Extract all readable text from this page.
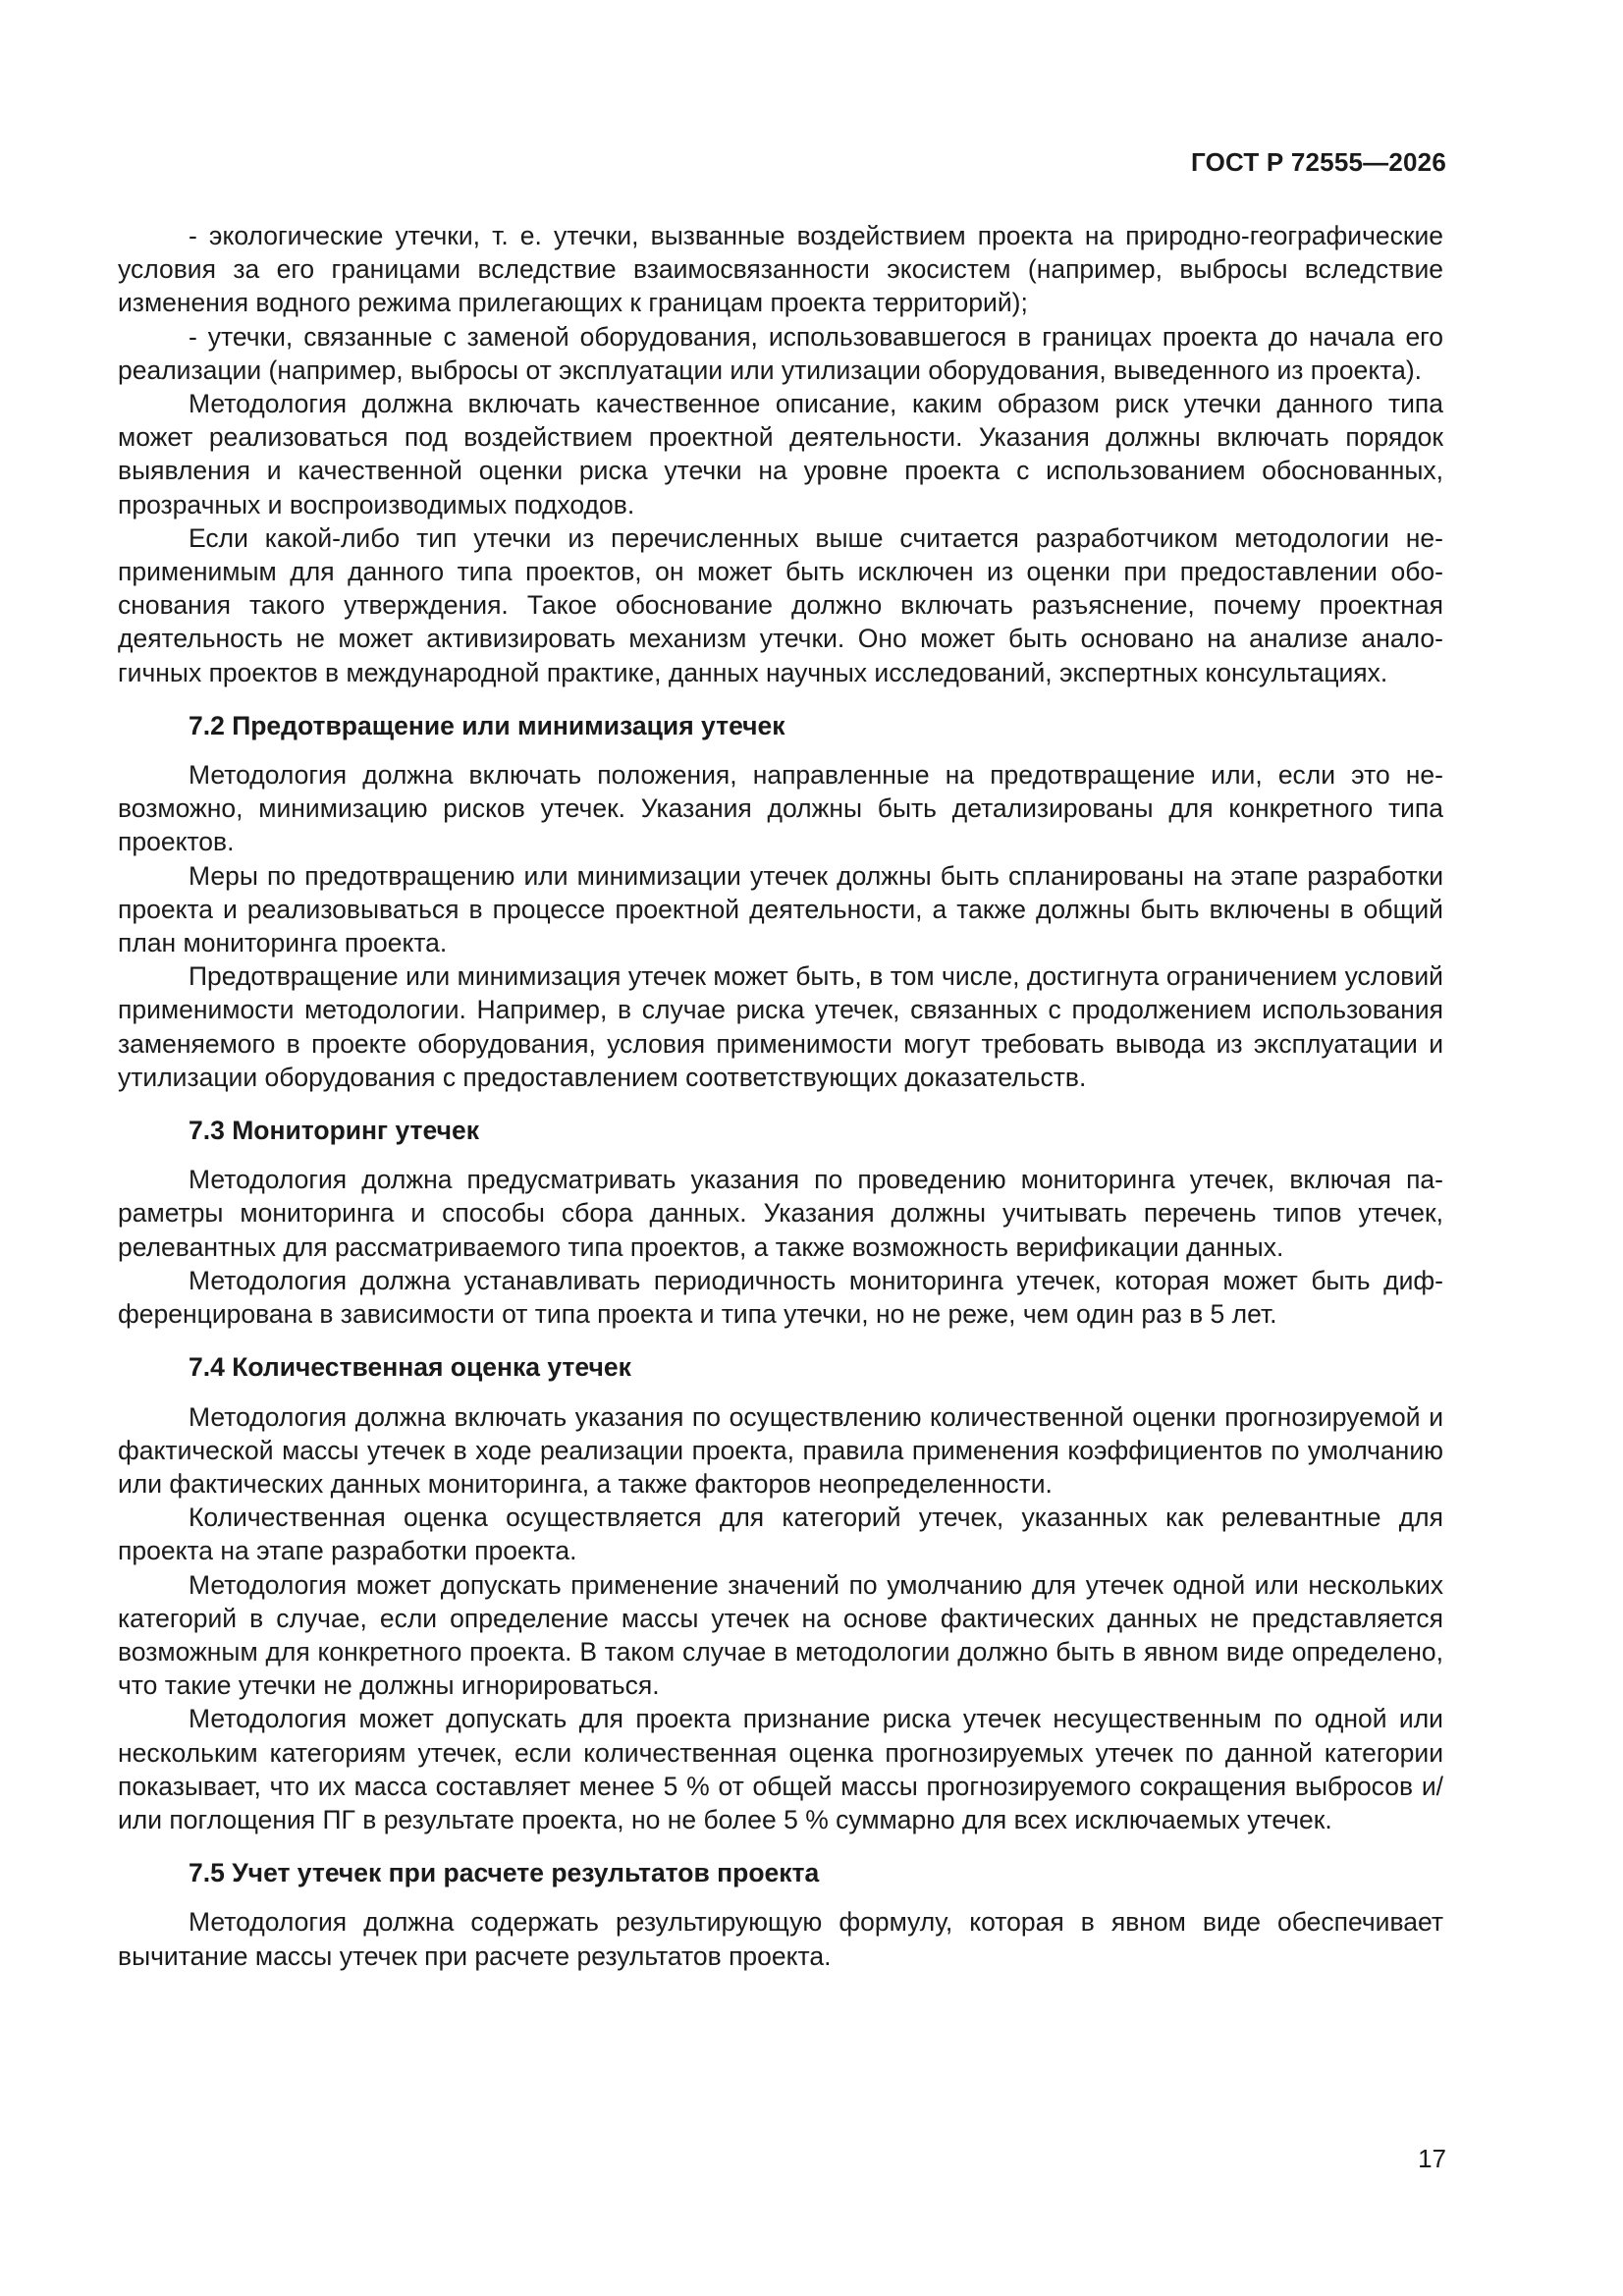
ГОСТ Р 72555—2026

- экологические утечки, т. е. утечки, вызванные воздействием проекта на природно-географические условия за его границами вследствие взаимосвязанности экосистем (например, выбросы вследствие изменения водного режима прилегающих к границам проекта территорий);

- утечки, связанные с заменой оборудования, использовавшегося в границах проекта до начала его реализации (например, выбросы от эксплуатации или утилизации оборудования, выведенного из проекта).

Методология должна включать качественное описание, каким образом риск утечки данного типа может реализоваться под воздействием проектной деятельности. Указания должны включать порядок выявления и качественной оценки риска утечки на уровне проекта с использованием обоснованных, прозрачных и воспроизводимых подходов.

Если какой-либо тип утечки из перечисленных выше считается разработчиком методологии неприменимым для данного типа проектов, он может быть исключен из оценки при предоставлении обоснования такого утверждения. Такое обоснование должно включать разъяснение, почему проектная деятельность не может активизировать механизм утечки. Оно может быть основано на анализе аналогичных проектов в международной практике, данных научных исследований, экспертных консультациях.

7.2 Предотвращение или минимизация утечек

Методология должна включать положения, направленные на предотвращение или, если это невозможно, минимизацию рисков утечек. Указания должны быть детализированы для конкретного типа проектов.

Меры по предотвращению или минимизации утечек должны быть спланированы на этапе разработки проекта и реализовываться в процессе проектной деятельности, а также должны быть включены в общий план мониторинга проекта.

Предотвращение или минимизация утечек может быть, в том числе, достигнута ограничением условий применимости методологии. Например, в случае риска утечек, связанных с продолжением использования заменяемого в проекте оборудования, условия применимости могут требовать вывода из эксплуатации и утилизации оборудования с предоставлением соответствующих доказательств.

7.3 Мониторинг утечек

Методология должна предусматривать указания по проведению мониторинга утечек, включая параметры мониторинга и способы сбора данных. Указания должны учитывать перечень типов утечек, релевантных для рассматриваемого типа проектов, а также возможность верификации данных.

Методология должна устанавливать периодичность мониторинга утечек, которая может быть дифференцирована в зависимости от типа проекта и типа утечки, но не реже, чем один раз в 5 лет.

7.4 Количественная оценка утечек

Методология должна включать указания по осуществлению количественной оценки прогнозируемой и фактической массы утечек в ходе реализации проекта, правила применения коэффициентов по умолчанию или фактических данных мониторинга, а также факторов неопределенности.

Количественная оценка осуществляется для категорий утечек, указанных как релевантные для проекта на этапе разработки проекта.

Методология может допускать применение значений по умолчанию для утечек одной или нескольких категорий в случае, если определение массы утечек на основе фактических данных не представляется возможным для конкретного проекта. В таком случае в методологии должно быть в явном виде определено, что такие утечки не должны игнорироваться.

Методология может допускать для проекта признание риска утечек несущественным по одной или нескольким категориям утечек, если количественная оценка прогнозируемых утечек по данной категории показывает, что их масса составляет менее 5 % от общей массы прогнозируемого сокращения выбросов и/или поглощения ПГ в результате проекта, но не более 5 % суммарно для всех исключаемых утечек.

7.5 Учет утечек при расчете результатов проекта

Методология должна содержать результирующую формулу, которая в явном виде обеспечивает вычитание массы утечек при расчете результатов проекта.

17
